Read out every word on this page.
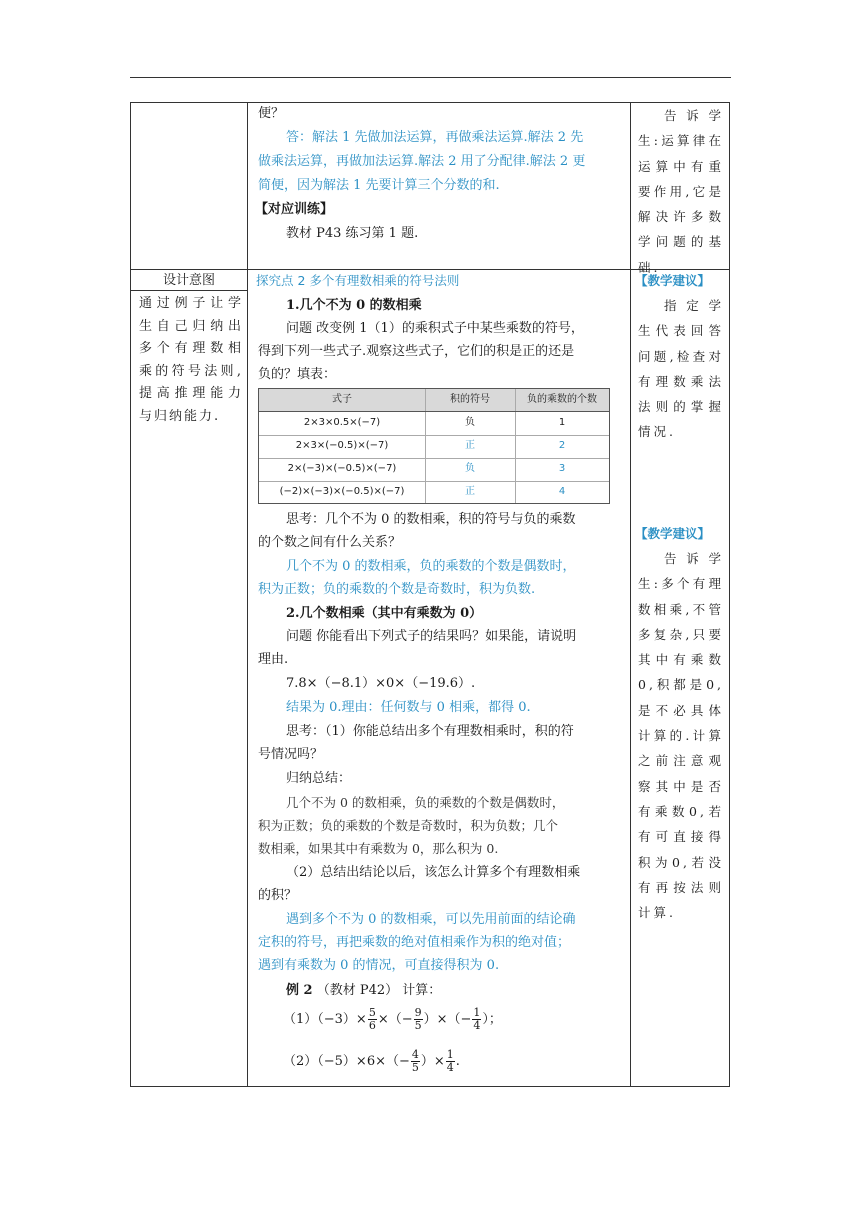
便？
答：解法 1 先做加法运算，再做乘法运算.解法 2 先
做乘法运算，再做加法运算.解法 2 用了分配律.解法 2 更
简便，因为解法 1 先要计算三个分数的和.
【对应训练】
教材 P43 练习第 1 题.
告诉学生:运算律在运算中有重要作用,它是解决许多数学问题的基础.
设计意图
通过例子让学生自己归纳出多个有理数相乘的符号法则,提高推理能力与归纳能力.
探究点 2 多个有理数相乘的符号法则
1.几个不为 0 的数相乘
问题 改变例 1（1）的乘积式子中某些乘数的符号，
得到下列一些式子.观察这些式子，它们的积是正的还是
负的？填表：
式子	积的符号	负的乘数的个数
2×3×0.5×(−7)	负	1
2×3×(−0.5)×(−7)	正	2
2×(−3)×(−0.5)×(−7)	负	3
(−2)×(−3)×(−0.5)×(−7)	正	4
思考：几个不为 0 的数相乘，积的符号与负的乘数
的个数之间有什么关系？
几个不为 0 的数相乘，负的乘数的个数是偶数时，
积为正数；负的乘数的个数是奇数时，积为负数.
2.几个数相乘（其中有乘数为 0）
问题 你能看出下列式子的结果吗？如果能，请说明
理由.
7.8×（−8.1）×0×（−19.6）.
结果为 0.理由：任何数与 0 相乘，都得 0.
思考：（1）你能总结出多个有理数相乘时，积的符
号情况吗？
归纳总结：
几个不为 0 的数相乘，负的乘数的个数是偶数时，
积为正数；负的乘数的个数是奇数时，积为负数；几个
数相乘，如果其中有乘数为 0，那么积为 0.
（2）总结出结论以后，该怎么计算多个有理数相乘
的积？
遇到多个不为 0 的数相乘，可以先用前面的结论确
定积的符号，再把乘数的绝对值相乘作为积的绝对值；
遇到有乘数为 0 的情况，可直接得积为 0.
例 2 （教材 P42） 计算：
$(1)(-3)\times \frac{5}{6}$ ×（− $\frac{9}{5}$ ）×（− $\frac{1}{4}$ ）；
$(2)(-5)\times 6\times(- \frac{4}{5}$ ）× $\frac{1}{4}$ .
【教学建议】
指定学生代表回答问题,检查对有理数乘法法则的掌握情况.
【教学建议】
告诉学生:多个有理数相乘,不管多复杂,只要其中有乘数0,积都是0,是不必具体计算的.计算之前注意观察其中是否有乘数0,若有可直接得积为0,若没有再按法则计算.
